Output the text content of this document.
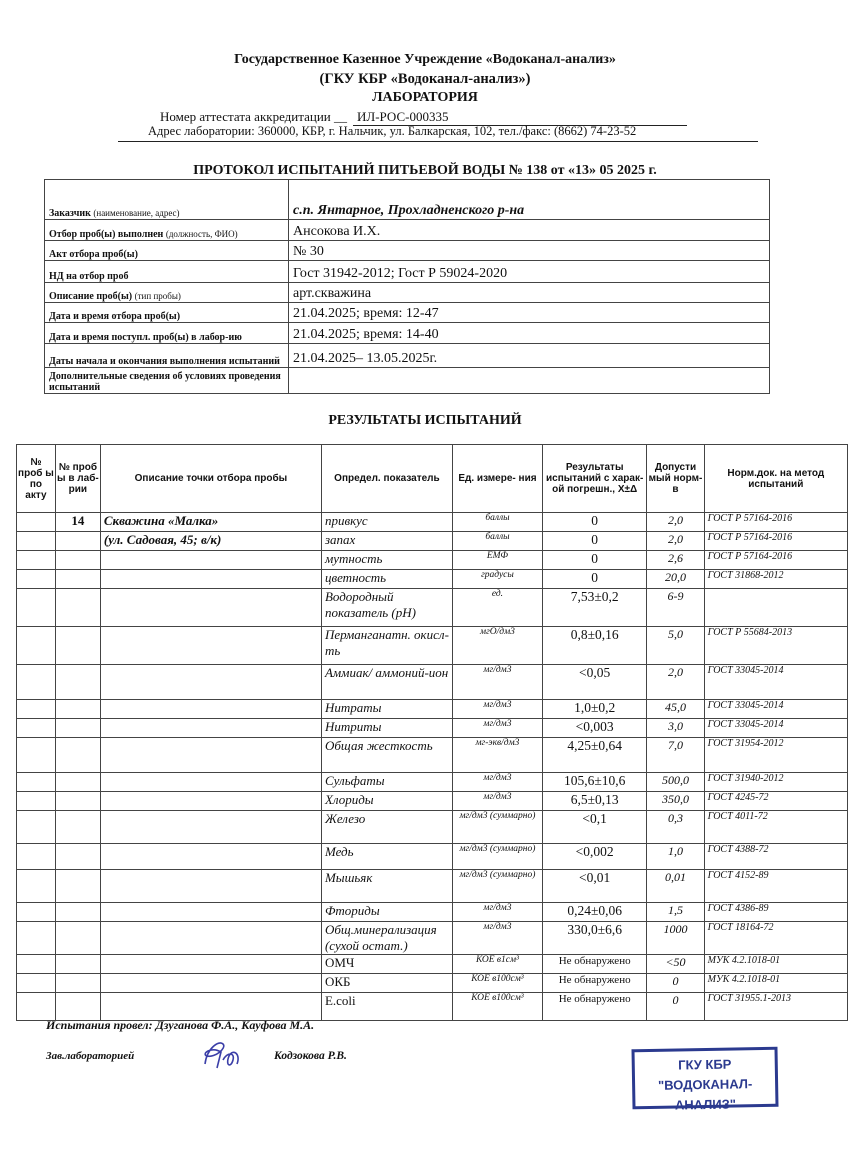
Государственное Казенное Учреждение «Водоканал-анализ»
(ГКУ КБР «Водоканал-анализ»)
ЛАБОРАТОРИЯ
Номер аттестата аккредитации __ ИЛ-РОС-000335
Адрес лаборатории: 360000, КБР, г. Нальчик, ул. Балкарская, 102, тел./факс: (8662) 74-23-52
ПРОТОКОЛ ИСПЫТАНИЙ ПИТЬЕВОЙ ВОДЫ № 138 от «13» 05 2025 г.
Заказчик (наименование, адрес)	с.п. Янтарное, Прохладненского р-на
Отбор проб(ы) выполнен (должность, ФИО)	Ансокова И.Х.
Акт отбора проб(ы)	№ 30
НД на отбор проб	Гост 31942-2012; Гост Р 59024-2020
Описание проб(ы) (тип пробы)	арт.скважина
Дата и время отбора проб(ы)	21.04.2025; время: 12-47
Дата и время поступл. проб(ы) в лабор-ию	21.04.2025; время: 14-40
Даты начала и окончания выполнения испытаний	21.04.2025– 13.05.2025г.
Дополнительные сведения об условиях проведения испытаний	
РЕЗУЛЬТАТЫ ИСПЫТАНИЙ
№ проб ы по акту	№ проб ы в лаб- рии	Описание точки отбора пробы	Определ. показатель	Ед. измере- ния	Результаты испытаний с харак-ой погрешн., X±Δ	Допусти мый норм-в	Норм.док. на метод испытаний
	14	Скважина «Малка»	привкус	баллы	0	2,0	ГОСТ Р 57164-2016
		(ул. Садовая, 45; в/к)	запах	баллы	0	2,0	ГОСТ Р 57164-2016
			мутность	ЕМФ	0	2,6	ГОСТ Р 57164-2016
			цветность	градусы	0	20,0	ГОСТ 31868-2012
			Водородный показатель (pH)	ед.	7,53±0,2	6-9	
			Перманганатн. окисл-ть	мгО/дм3	0,8±0,16	5,0	ГОСТ Р 55684-2013
			Аммиак/ аммоний-ион	мг/дм3	<0,05	2,0	ГОСТ 33045-2014
			Нитраты	мг/дм3	1,0±0,2	45,0	ГОСТ 33045-2014
			Нитриты	мг/дм3	<0,003	3,0	ГОСТ 33045-2014
			Общая жесткость	мг-экв/дм3	4,25±0,64	7,0	ГОСТ 31954-2012
			Сульфаты	мг/дм3	105,6±10,6	500,0	ГОСТ 31940-2012
			Хлориды	мг/дм3	6,5±0,13	350,0	ГОСТ 4245-72
			Железо	мг/дм3 (суммарно)	<0,1	0,3	ГОСТ 4011-72
			Медь	мг/дм3 (суммарно)	<0,002	1,0	ГОСТ 4388-72
			Мышьяк	мг/дм3 (суммарно)	<0,01	0,01	ГОСТ 4152-89
			Фториды	мг/дм3	0,24±0,06	1,5	ГОСТ 4386-89
			Общ.минерализация (сухой остат.)	мг/дм3	330,0±6,6	1000	ГОСТ 18164-72
			ОМЧ	КОЕ в1см³	Не обнаружено	<50	МУК 4.2.1018-01
			ОКБ	КОЕ в100см³	Не обнаружено	0	МУК 4.2.1018-01
			E.coli	КОЕ в100см³	Не обнаружено	0	ГОСТ 31955.1-2013
Испытания провел: Дзуганова Ф.А., Кауфова М.А.
Зав.лабораторией	Кодзокова Р.В.
ГКУ КБР
"ВОДОКАНАЛ-АНАЛИЗ"
